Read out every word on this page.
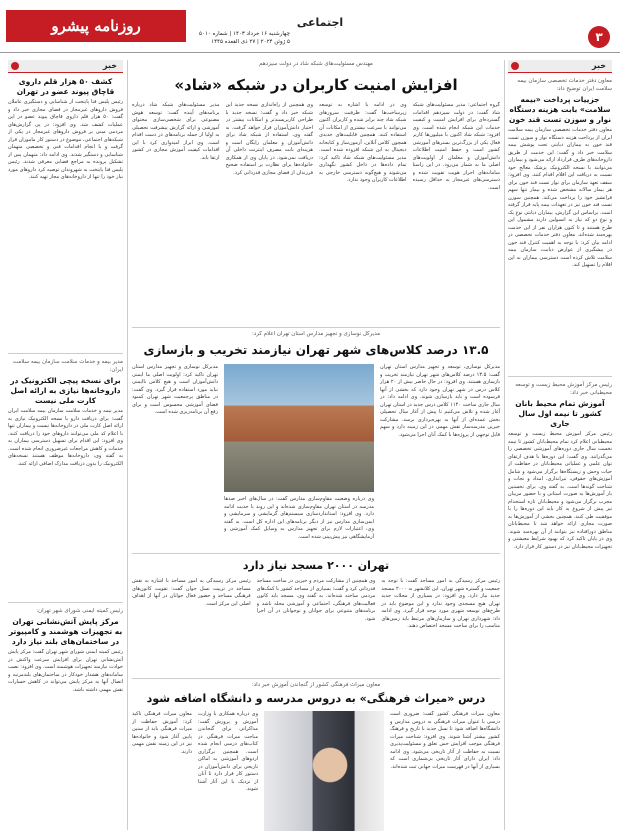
روزنامه پیشرو	چهارشنبه ۱۶ خرداد ۱۴۰۳ | شماره ۵۰۱۰
۵ ژوئن ۲۰۲۴ | ۲۷ ذی القعده ۱۴۴۵
اجتماعی
۳
خبر
معاون دفتر خدمات تخصصی سازمان بیمه سلامت ایران توضیح داد:
جزییات پرداخت «بیمه سلامت» بابت هزینه دستگاه نوار و سوزن تست قند خون
معاون دفتر خدمات تخصصی سازمان بیمه سلامت ایران از پرداخت هزینه دستگاه نوار و سوزن تست قند خون به بیماران دیابتی تحت پوشش بیمه سلامت خبر داد و گفت: این خدمت از طریق داروخانه‌های طرف قرارداد ارائه می‌شود و بیماران می‌توانند با نسخه الکترونیک پزشک معالج خود نسبت به دریافت این اقلام اقدام کنند. وی افزود: سقف تعهد سازمان برای نوار تست قند خون برای هر بیمار سالانه مشخص شده و بیمار تنها سهم فرانشیز خود را پرداخت می‌کند. همچنین سوزن تست قند خون نیز در تعهدات بیمه پایه قرار گرفته است. براساس این گزارش، بیماران دیابتی نوع یک و نوع دو که نیاز به انسولین دارند مشمول این طرح هستند و تا کنون هزاران نفر از این خدمت بهره‌مند شده‌اند. معاون دفتر خدمات تخصصی در ادامه بیان کرد: با توجه به اهمیت کنترل قند خون در پیشگیری از عوارض دیابت، سازمان بیمه سلامت تلاش کرده است دسترسی بیماران به این اقلام را تسهیل کند.
رئیس مرکز آموزش محیط زیست و توسعه محیطبانی خبر داد:
آموزش تمام محیط بانان کشور تا نیمه اول سال جاری
رئیس مرکز آموزش محیط زیست و توسعه محیطبانی اعلام کرد تمام محیط‌بانان کشور تا نیمه نخست سال جاری دوره‌های آموزشی تخصصی را می‌گذرانند. وی گفت: این دوره‌ها با هدف ارتقای توان علمی و عملیاتی محیط‌بانان در حفاظت از حیات وحش و زیستگاه‌ها برگزار می‌شود و شامل آموزش‌های حقوقی، تیراندازی، امداد و نجات و شناخت گونه‌ها است. به گفته وی، برای نخستین بار آموزش‌ها به صورت استانی و با حضور مربیان مجرب برگزار می‌شود و محیط‌بانان تازه استخدام نیز پیش از شروع به کار باید این دوره‌ها را با موفقیت طی کنند. همچنین بخشی از آموزش‌ها به صورت مجازی ارائه خواهد شد تا محیط‌بانان مناطق دورافتاده نیز بتوانند از آن بهره‌مند شوند. وی در پایان تاکید کرد که بهبود شرایط معیشتی و تجهیزات محیط‌بانان نیز در دستور کار قرار دارد.
مهندس مسئولیت‌های شبکه شاد در دولت سیزدهم
افزایش امنیت کاربران در شبکه «شاد»
گروه اجتماعی: مدیر مسئولیت‌های شبکه شاد گفت: در دولت سیزدهم اقدامات گسترده‌ای برای افزایش امنیت و کیفیت خدمات این شبکه انجام شده است. وی افزود: شبکه شاد اکنون با میلیون‌ها کاربر فعال یکی از بزرگ‌ترین بسترهای آموزشی کشور است و حفظ امنیت اطلاعات دانش‌آموزان و معلمان از اولویت‌های اصلی ما به شمار می‌رود. در این راستا سامانه‌های احراز هویت تقویت شده و دسترسی‌های غیرمجاز به حداقل رسیده است.
وی در ادامه با اشاره به توسعه زیرساخت‌ها گفت: ظرفیت سرورهای شبکه شاد چند برابر شده و کاربران اکنون می‌توانند با سرعت بیشتری از امکانات آن استفاده کنند. همچنین قابلیت‌های جدیدی همچون کلاس آنلاین، آزمون‌ساز و کتابخانه دیجیتال به این شبکه افزوده شده است. مدیر مسئولیت‌های شبکه شاد تاکید کرد: تمام داده‌ها در داخل کشور نگهداری می‌شوند و هیچ‌گونه دسترسی خارجی به اطلاعات کاربران وجود ندارد.
وی همچنین از راه‌اندازی نسخه جدید این شبکه خبر داد و گفت: نسخه جدید با طراحی کاربرپسندتر و امکانات بیشتر در اختیار دانش‌آموزان قرار خواهد گرفت. به گفته وی، استفاده از شبکه شاد برای دانش‌آموزان و معلمان رایگان است و هزینه‌ای بابت مصرف اینترنت داخلی آن دریافت نمی‌شود. در پایان وی از همکاری خانواده‌ها برای نظارت بر استفاده صحیح فرزندان از فضای مجازی قدردانی کرد.
مدیر مسئولیت‌های شبکه شاد درباره برنامه‌های آینده گفت: توسعه هوش مصنوعی برای شخصی‌سازی محتوای آموزشی و ارائه گزارش پیشرفت تحصیلی به اولیا از جمله برنامه‌های در دست اقدام است. وی ابراز امیدواری کرد با این اقدامات کیفیت آموزش مجازی در کشور ارتقا یابد.
مدیرکل نوسازی و تجهیز مدارس استان تهران اعلام کرد:
۱۳.۵ درصد کلاس‌های شهر تهران نیازمند تخریب و بازسازی
مدیرکل نوسازی، توسعه و تجهیز مدارس استان تهران گفت: ۱۳.۵ درصد کلاس‌های شهر تهران نیازمند تخریب و بازسازی هستند. وی افزود: در حال حاضر بیش از ۲۰ هزار کلاس درس در شهر تهران وجود دارد که بخشی از آنها فرسوده است و باید بازسازی شوند. وی ادامه داد: در سال جاری ساخت ۱۱۴۰ کلاس درس جدید در استان تهران آغاز شده و تلاش می‌کنیم تا پیش از آغاز سال تحصیلی بخش عمده‌ای از آنها به بهره‌برداری برسد. مشارکت خیرین مدرسه‌ساز نقش مهمی در این زمینه دارد و سهم قابل توجهی از پروژه‌ها با کمک آنان اجرا می‌شود.
وی درباره وضعیت مقاوم‌سازی مدارس گفت: در سال‌های اخیر صدها مدرسه در استان تهران مقاوم‌سازی شده‌اند و این روند با جدیت ادامه دارد. وی افزود: استانداردسازی سیستم‌های گرمایشی و سرمایشی و ایمن‌سازی مدارس نیز از دیگر برنامه‌های این اداره کل است. به گفته وی، اعتبارات لازم برای تجهیز مدارس به وسایل کمک آموزشی و آزمایشگاهی نیز پیش‌بینی شده است.
مدیرکل نوسازی و تجهیز مدارس استان تهران تاکید کرد: اولویت اصلی ما ایمنی دانش‌آموزان است و هیچ کلاس ناایمنی نباید مورد استفاده قرار گیرد. وی گفت: در مناطق پرجمعیت شهر تهران کمبود فضای آموزشی محسوس است و برای رفع آن برنامه‌ریزی شده است.
تهران ۲۰۰۰ مسجد نیاز دارد
رئیس مرکز رسیدگی به امور مساجد گفت: با توجه به جمعیت و گستره شهر تهران، این کلانشهر به ۲۰۰۰ مسجد جدید نیاز دارد. وی افزود: در بسیاری از محلات جدید تهران هیچ مسجدی وجود ندارد و این موضوع باید در طرح‌های توسعه شهری مورد توجه قرار گیرد. وی ادامه داد: شهرداری تهران و سازمان‌های مرتبط باید زمین‌های مناسب را برای ساخت مسجد اختصاص دهند.
وی همچنین از مشارکت مردم و خیرین در ساخت مساجد قدردانی کرد و گفت: بسیاری از مساجد کشور با کمک‌های مردمی ساخته شده‌اند. به گفته وی، مسجد باید کانون فعالیت‌های فرهنگی، اجتماعی و آموزشی محله باشد و برنامه‌های متنوعی برای جوانان و نوجوانان در آن اجرا شود.
رئیس مرکز رسیدگی به امور مساجد با اشاره به نقش مساجد در تربیت نسل جوان گفت: تقویت کانون‌های فرهنگی مساجد و حضور فعال جوانان در آنها از اهداف اصلی این مرکز است.
معاون میراث فرهنگی کشور از گنجاندن آموزش خبر داد:
درس «میراث فرهنگی» به دروس مدرسه و دانشگاه اضافه شود
معاون میراث فرهنگی کشور گفت: ضروری است درسی با عنوان میراث فرهنگی به دروس مدارس و دانشگاه‌ها اضافه شود تا نسل جدید با تاریخ و فرهنگ کشور بیشتر آشنا شوند. وی افزود: شناخت میراث فرهنگی موجب افزایش حس تعلق و مسئولیت‌پذیری نسبت به حفاظت از آثار تاریخی می‌شود. وی ادامه داد: ایران دارای آثار تاریخی بی‌شماری است که بسیاری از آنها در فهرست میراث جهانی ثبت شده‌اند.
وی درباره همکاری با وزارت آموزش و پرورش گفت: مذاکراتی برای گنجاندن مباحث میراث فرهنگی در کتاب‌های درسی انجام شده است. همچنین برگزاری اردوهای آموزشی به اماکن تاریخی برای دانش‌آموزان در دستور کار قرار دارد تا آنان از نزدیک با این آثار آشنا شوند.
معاون میراث فرهنگی تاکید کرد: آموزش حفاظت از میراث فرهنگی باید از سنین پایین آغاز شود و خانواده‌ها نیز در این زمینه نقش مهمی دارند.
خبر
کشف ۵۰ هزار قلم داروی قاچاق پیوند عضو در تهران
رئیس پلیس فتا پایتخت از شناسایی و دستگیری عاملان فروش داروهای غیرمجاز در فضای مجازی خبر داد و گفت: ۵۰ هزار قلم داروی قاچاق پیوند عضو در این عملیات کشف شد. وی افزود: در پی گزارش‌های مردمی مبنی بر فروش داروهای غیرمجاز در یکی از شبکه‌های اجتماعی، موضوع در دستور کار ماموران قرار گرفت و با انجام اقدامات فنی و تخصصی متهمان شناسایی و دستگیر شدند. وی ادامه داد: متهمان پس از تشکیل پرونده به مراجع قضایی معرفی شدند. رئیس پلیس فتا پایتخت به شهروندان توصیه کرد داروهای مورد نیاز خود را تنها از داروخانه‌های مجاز تهیه کنند.
مدیر بیمه و خدمات سلامت سازمان بیمه سلامت ایران:
برای نسخه پیچی الکترونیک در داروخانه‌ها نیازی به ارائه اصل کارت ملی نیست
مدیر بیمه و خدمات سلامت سازمان بیمه سلامت ایران گفت: برای دریافت دارو با نسخه الکترونیک نیازی به ارائه اصل کارت ملی در داروخانه‌ها نیست و بیماران تنها با اعلام کد ملی می‌توانند داروهای خود را دریافت کنند. وی افزود: این اقدام برای تسهیل دسترسی بیماران به خدمات و کاهش مراجعات غیرضروری انجام شده است. به گفته وی، داروخانه‌ها موظف هستند نسخه‌های الکترونیک را بدون دریافت مدارک اضافی ارائه کنند.
رئیس کمیته ایمنی شورای شهر تهران:
مرکز پایش آتش‌نشانی تهران به تجهیزات هوشمند و کامپیوتر در ساختمان‌های بلند نیاز دارد
رئیس کمیته ایمنی شورای شهر تهران گفت: مرکز پایش آتش‌نشانی تهران برای افزایش سرعت واکنش در حوادث نیازمند تجهیزات هوشمند است. وی افزود: نصب سامانه‌های هشدار خودکار در ساختمان‌های بلندمرتبه و اتصال آنها به مرکز پایش می‌تواند در کاهش خسارات نقش مهمی داشته باشد.
